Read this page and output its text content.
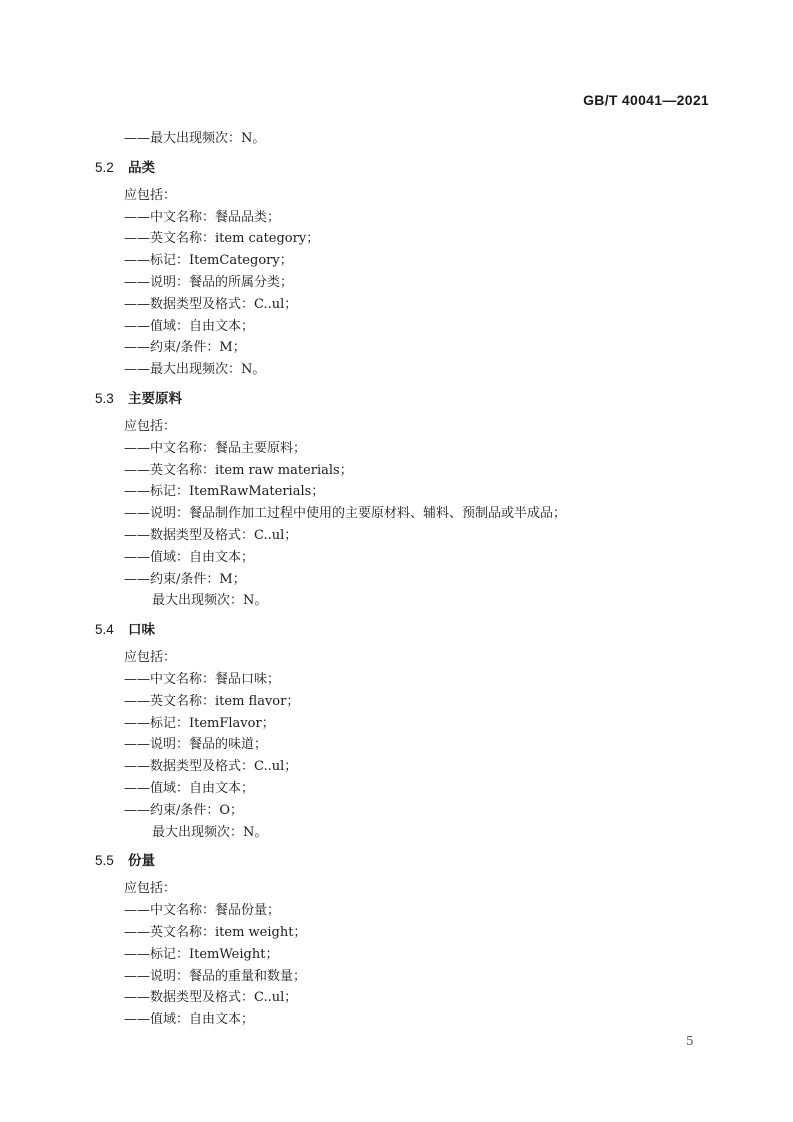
GB/T 40041—2021
——最大出现频次：N。
5.2 品类
应包括：
——中文名称：餐品品类；
——英文名称：item category；
——标记：ItemCategory；
——说明：餐品的所属分类；
——数据类型及格式：C..ul；
——值域：自由文本；
——约束/条件：M；
——最大出现频次：N。
5.3 主要原料
应包括：
——中文名称：餐品主要原料；
——英文名称：item raw materials；
——标记：ItemRawMaterials；
——说明：餐品制作加工过程中使用的主要原材料、辅料、预制品或半成品；
——数据类型及格式：C..ul；
——值域：自由文本；
——约束/条件：M；
最大出现频次：N。
5.4 口味
应包括：
——中文名称：餐品口味；
——英文名称：item flavor；
——标记：ItemFlavor；
——说明：餐品的味道；
——数据类型及格式：C..ul；
——值域：自由文本；
——约束/条件：O；
最大出现频次：N。
5.5 份量
应包括：
——中文名称：餐品份量；
——英文名称：item weight；
——标记：ItemWeight；
——说明：餐品的重量和数量；
——数据类型及格式：C..ul；
——值域：自由文本；
5
